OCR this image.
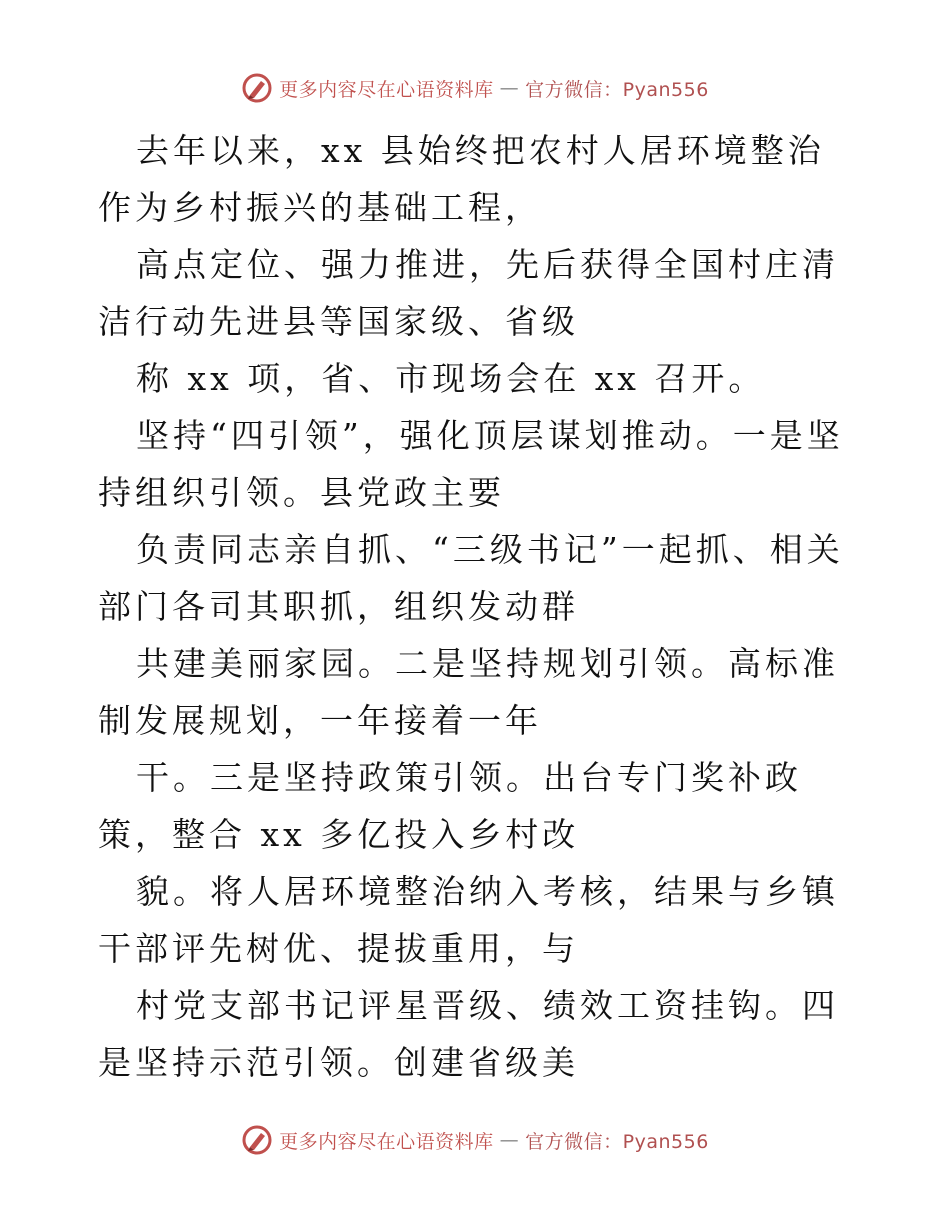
更多内容尽在心语资料库 — 官方微信：Pyan556

去年以来，xx 县始终把农村人居环境整治作为乡村振兴的基础工程，

高点定位、强力推进，先后获得全国村庄清洁行动先进县等国家级、省级

称 xx 项，省、市现场会在 xx 召开。

坚持“四引领”，强化顶层谋划推动。一是坚持组织引领。县党政主要

负责同志亲自抓、“三级书记”一起抓、相关部门各司其职抓，组织发动群

共建美丽家园。二是坚持规划引领。高标准制发展规划，一年接着一年

干。三是坚持政策引领。出台专门奖补政策，整合 xx 多亿投入乡村改

貌。将人居环境整治纳入考核，结果与乡镇干部评先树优、提拔重用，与

村党支部书记评星晋级、绩效工资挂钩。四是坚持示范引领。创建省级美

更多内容尽在心语资料库 — 官方微信：Pyan556
